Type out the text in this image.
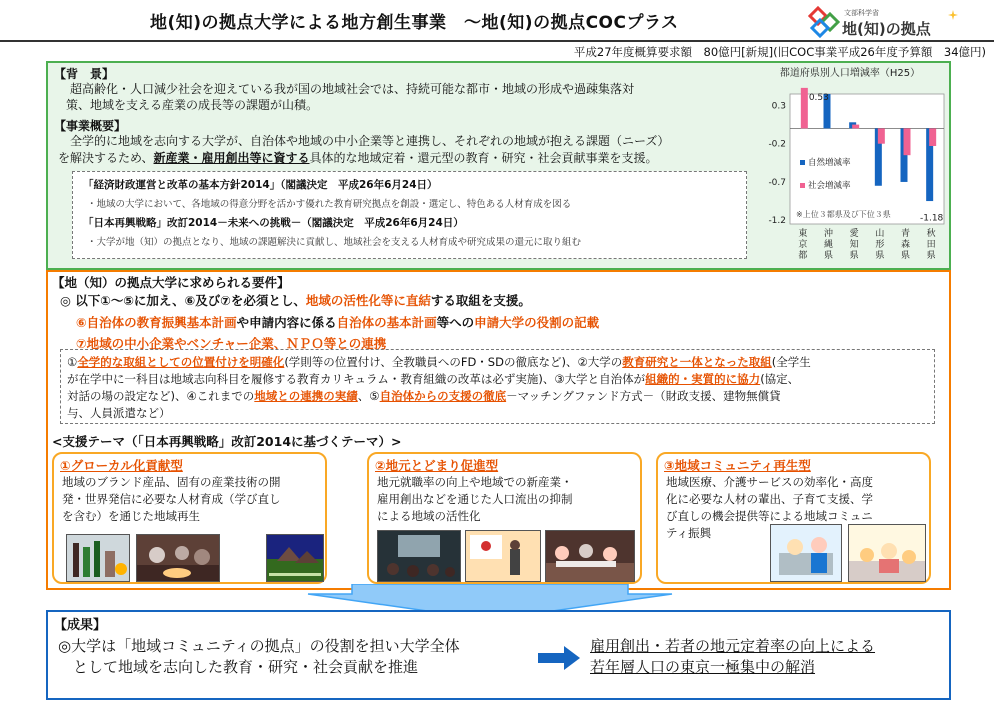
地(知)の拠点大学による地方創生事業　～地(知)の拠点COCプラス	文部科学省
地(知)の拠点
平成27年度概算要求額　80億円[新規](旧COC事業平成26年度予算額　34億円)
【背　景】
　超高齢化・人口減少社会を迎えている我が国の地域社会では、持続可能な都市・地域の形成や過疎集落対
策、地域を支える産業の成長等の課題が山積。
【事業概要】
　全学的に地域を志向する大学が、自治体や地域の中小企業等と連携し、それぞれの地域が抱える課題（ニーズ）
を解決するため、新産業・雇用創出等に資する具体的な地域定着・還元型の教育・研究・社会貢献事業を支援。
「経済財政運営と改革の基本方針2014」（閣議決定　平成26年6月24日）
・地域の大学において、各地域の得意分野を活かす優れた教育研究拠点を創設・選定し、特色ある人材育成を図る
「日本再興戦略」改訂2014－未来への挑戦－（閣議決定　平成26年6月24日）
・大学が地（知）の拠点となり、地域の課題解決に貢献し、地域社会を支える人材育成や研究成果の還元に取り組む
都道府県別人口増減率（H25）
0.3
-0.2
-0.7
-1.2
東
京
都
沖
縄
県
愛
知
県
山
形
県
青
森
県
秋
田
県
0.53
-1.18
自然増減率
社会増減率
※上位３都県及び下位３県
【地（知）の拠点大学に求められる要件】
◎ 以下①～⑤に加え、⑥及び⑦を必須とし、地域の活性化等に直結する取組を支援。
⑥自治体の教育振興基本計画や申請内容に係る自治体の基本計画等への申請大学の役割の記載
⑦地域の中小企業やベンチャー企業、ＮＰＯ等との連携
①全学的な取組としての位置付けを明確化(学則等の位置付け、全教職員へのFD・SDの徹底など)、②大学の教育研究と一体となった取組(全学生
が在学中に一科目は地域志向科目を履修する教育カリキュラム・教育組織の改革は必ず実施)、③大学と自治体が組織的・実質的に協力(協定、
対話の場の設定など)、④これまでの地域との連携の実績、⑤自治体からの支援の徹底－マッチングファンド方式－（財政支援、建物無償貸
与、人員派遣など）
<支援テーマ（「日本再興戦略」改訂2014に基づくテーマ）>
①グローカル化貢献型
地域のブランド産品、固有の産業技術の開
発・世界発信に必要な人材育成（学び直し
を含む）を通じた地域再生
②地元とどまり促進型
地元就職率の向上や地域での新産業・
雇用創出などを通じた人口流出の抑制
による地域の活性化
③地域コミュニティ再生型
地域医療、介護サービスの効率化・高度
化に必要な人材の輩出、子育て支援、学
び直しの機会提供等による地域コミュニ
ティ振興
【成果】
◎大学は「地域コミュニティの拠点」の役割を担い大学全体
　として地域を志向した教育・研究・社会貢献を推進
雇用創出・若者の地元定着率の向上による
若年層人口の東京一極集中の解消
